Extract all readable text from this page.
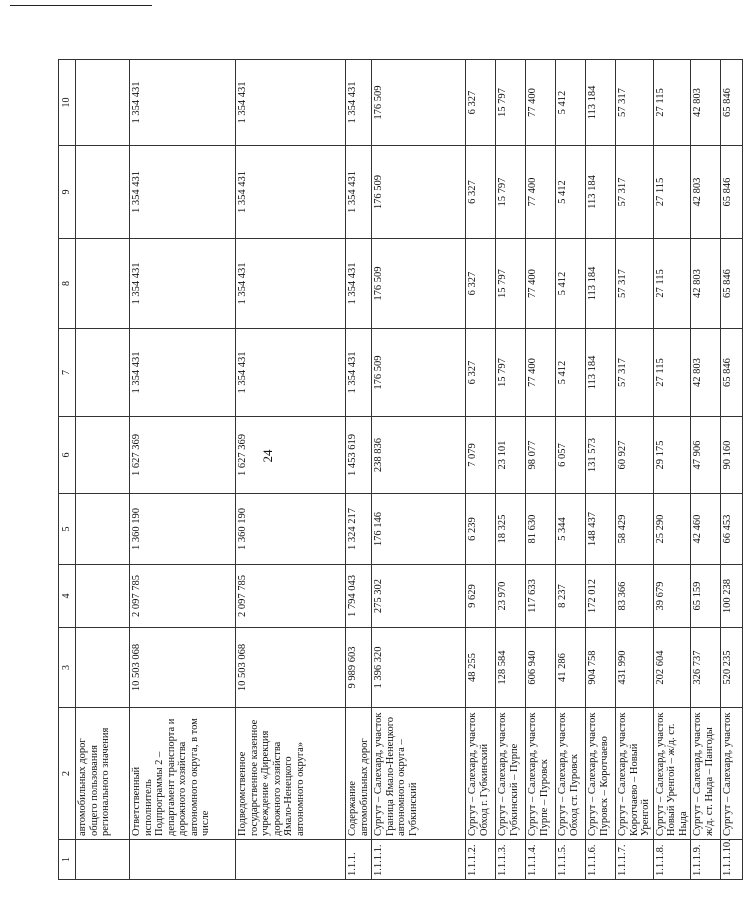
24
1	2	3	4	5	6	7	8	9	10
	автомобильных дорог общего пользования регионального значения								
	Ответственный исполнитель Подпрограммы 2 – департамент транспорта и дорожного хозяйства автономного округа, в том числе	10 503 068	2 097 785	1 360 190	1 627 369	1 354 431	1 354 431	1 354 431	1 354 431
	Подведомственное государственное казенное учреждение «Дирекция дорожного хозяйства Ямало-Ненецкого автономного округа»	10 503 068	2 097 785	1 360 190	1 627 369	1 354 431	1 354 431	1 354 431	1 354 431
1.1.1.	Содержание автомобильных дорог	9 989 603	1 794 043	1 324 217	1 453 619	1 354 431	1 354 431	1 354 431	1 354 431
1.1.1.1.	Сургут – Салехард, участок Граница Ямало-Ненецкого автономного округа – Губкинский	1 396 320	275 302	176 146	238 836	176 509	176 509	176 509	176 509
1.1.1.2.	Сургут – Салехард, участок Обход г. Губкинский	48 255	9 629	6 239	7 079	6 327	6 327	6 327	6 327
1.1.1.3.	Сургут – Салехард, участок Губкинский – Пурпе	128 584	23 970	18 325	23 101	15 797	15 797	15 797	15 797
1.1.1.4.	Сургут – Салехард, участок Пурпе – Пуровск	606 940	117 633	81 630	98 077	77 400	77 400	77 400	77 400
1.1.1.5.	Сургут – Салехард, участок Обход ст. Пуровск	41 286	8 237	5 344	6 057	5 412	5 412	5 412	5 412
1.1.1.6.	Сургут – Салехард, участок Пуровск – Коротчаево	904 758	172 012	148 437	131 573	113 184	113 184	113 184	113 184
1.1.1.7.	Сургут – Салехард, участок Коротчаево – Новый Уренгой	431 990	83 366	58 429	60 927	57 317	57 317	57 317	57 317
1.1.1.8.	Сургут – Салехард, участок Новый Уренгой – ж/д. ст. Ныда	202 604	39 679	25 290	29 175	27 115	27 115	27 115	27 115
1.1.1.9.	Сургут – Салехард, участок ж/д. ст. Ныда – Пангоды	326 737	65 159	42 460	47 906	42 803	42 803	42 803	42 803
1.1.1.10.	Сургут – Салехард, участок	520 235	100 238	66 453	90 160	65 846	65 846	65 846	65 846
